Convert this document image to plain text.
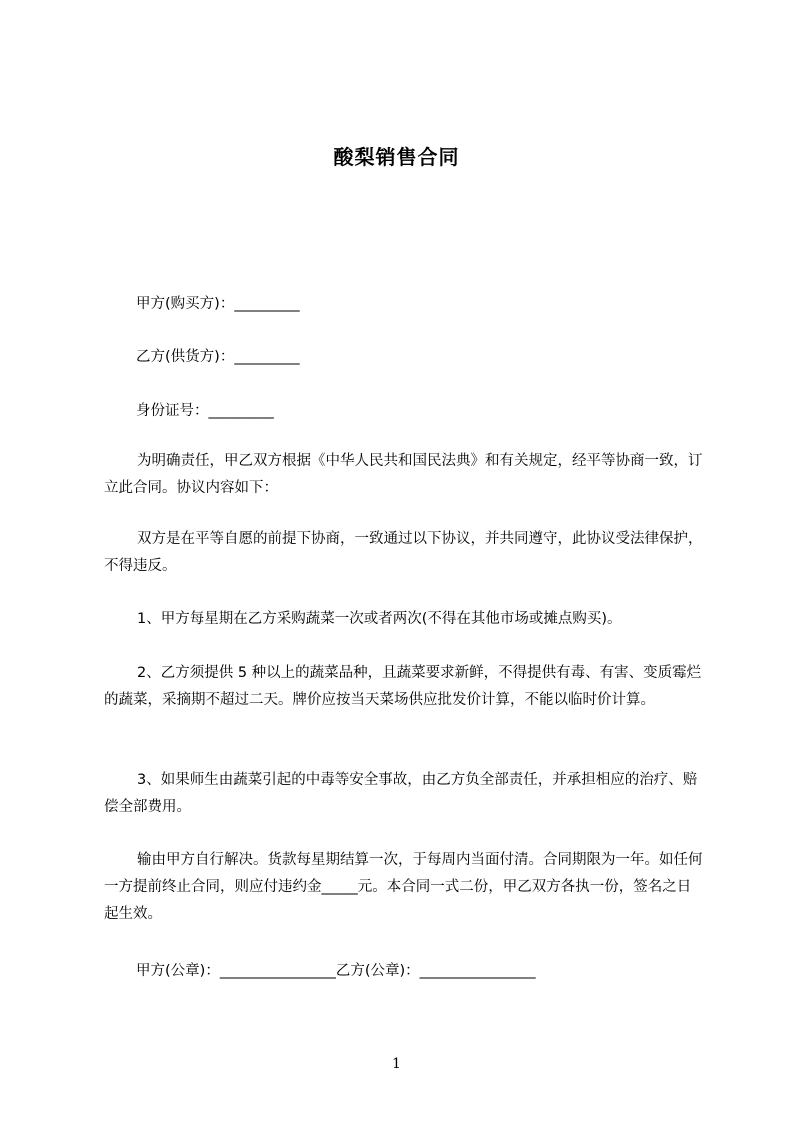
酸梨销售合同
甲方(购买方)：_________
乙方(供货方)：_________
身份证号：_________
为明确责任，甲乙双方根据《中华人民共和国民法典》和有关规定，经平等协商一致，订立此合同。协议内容如下：
双方是在平等自愿的前提下协商，一致通过以下协议，并共同遵守，此协议受法律保护，不得违反。
1、甲方每星期在乙方采购蔬菜一次或者两次(不得在其他市场或摊点购买)。
2、乙方须提供 5 种以上的蔬菜品种，且蔬菜要求新鲜，不得提供有毒、有害、变质霉烂的蔬菜，采摘期不超过二天。牌价应按当天菜场供应批发价计算，不能以临时价计算。
3、如果师生由蔬菜引起的中毒等安全事故，由乙方负全部责任，并承担相应的治疗、赔偿全部费用。
输由甲方自行解决。货款每星期结算一次，于每周内当面付清。合同期限为一年。如任何一方提前终止合同，则应付违约金_____元。本合同一式二份，甲乙双方各执一份，签名之日起生效。
甲方(公章)：________________乙方(公章)：________________
1
